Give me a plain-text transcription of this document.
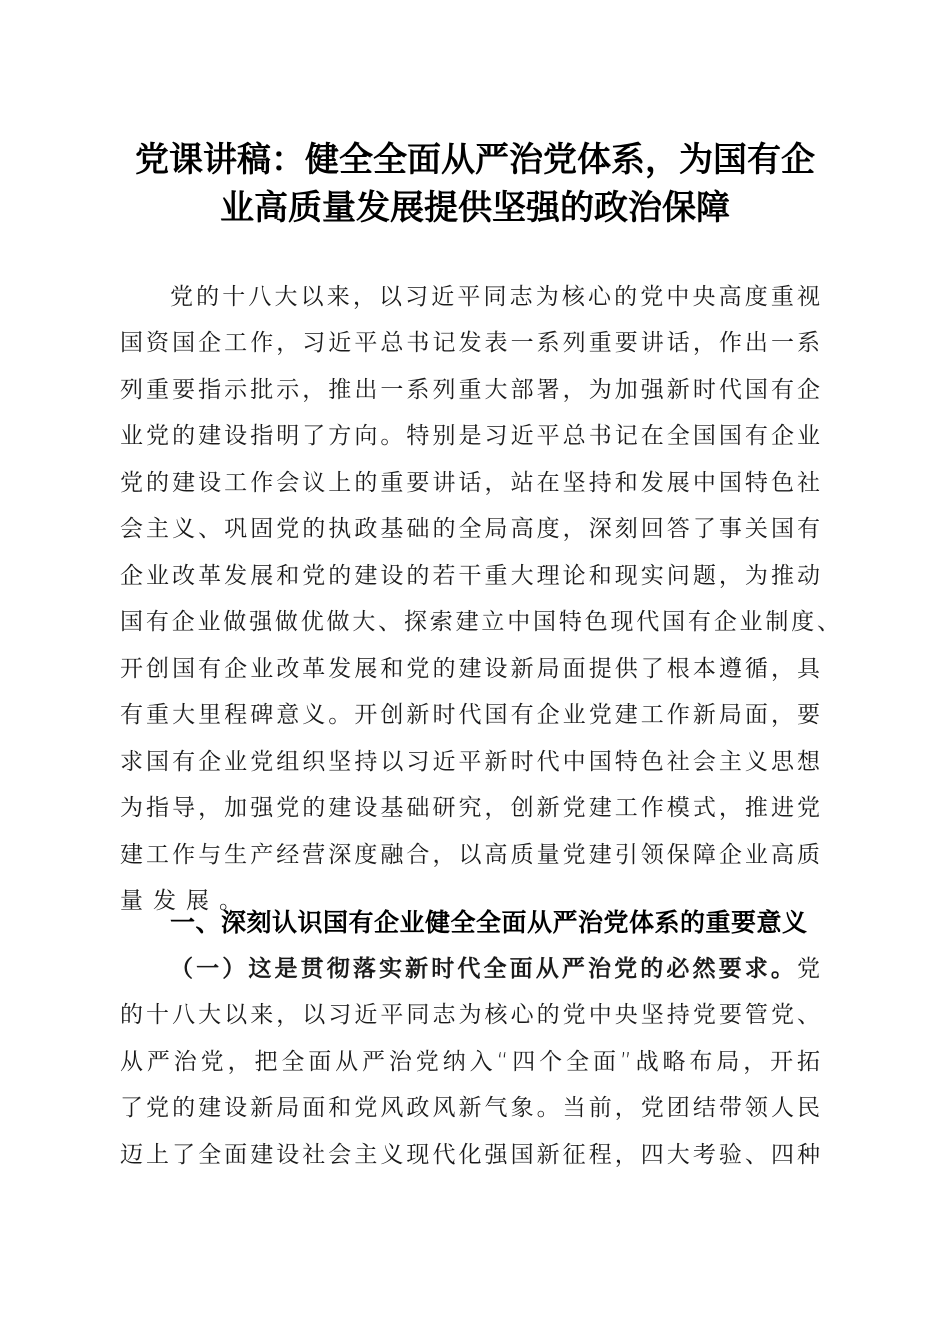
党课讲稿：健全全面从严治党体系，为国有企
业高质量发展提供坚强的政治保障
党的十八大以来，以习近平同志为核心的党中央高度重视
国资国企工作，习近平总书记发表一系列重要讲话，作出一系
列重要指示批示，推出一系列重大部署，为加强新时代国有企
业党的建设指明了方向。特别是习近平总书记在全国国有企业
党的建设工作会议上的重要讲话，站在坚持和发展中国特色社
会主义、巩固党的执政基础的全局高度，深刻回答了事关国有
企业改革发展和党的建设的若干重大理论和现实问题，为推动
国有企业做强做优做大、探索建立中国特色现代国有企业制度、
开创国有企业改革发展和党的建设新局面提供了根本遵循，具
有重大里程碑意义。开创新时代国有企业党建工作新局面，要
求国有企业党组织坚持以习近平新时代中国特色社会主义思想
为指导，加强党的建设基础研究，创新党建工作模式，推进党
建工作与生产经营深度融合，以高质量党建引领保障企业高质
量发展。
一、深刻认识国有企业健全全面从严治党体系的重要意义
（一）这是贯彻落实新时代全面从严治党的必然要求。党
的十八大以来，以习近平同志为核心的党中央坚持党要管党、
从严治党，把全面从严治党纳入“四个全面”战略布局，开拓
了党的建设新局面和党风政风新气象。当前，党团结带领人民
迈上了全面建设社会主义现代化强国新征程，四大考验、四种
